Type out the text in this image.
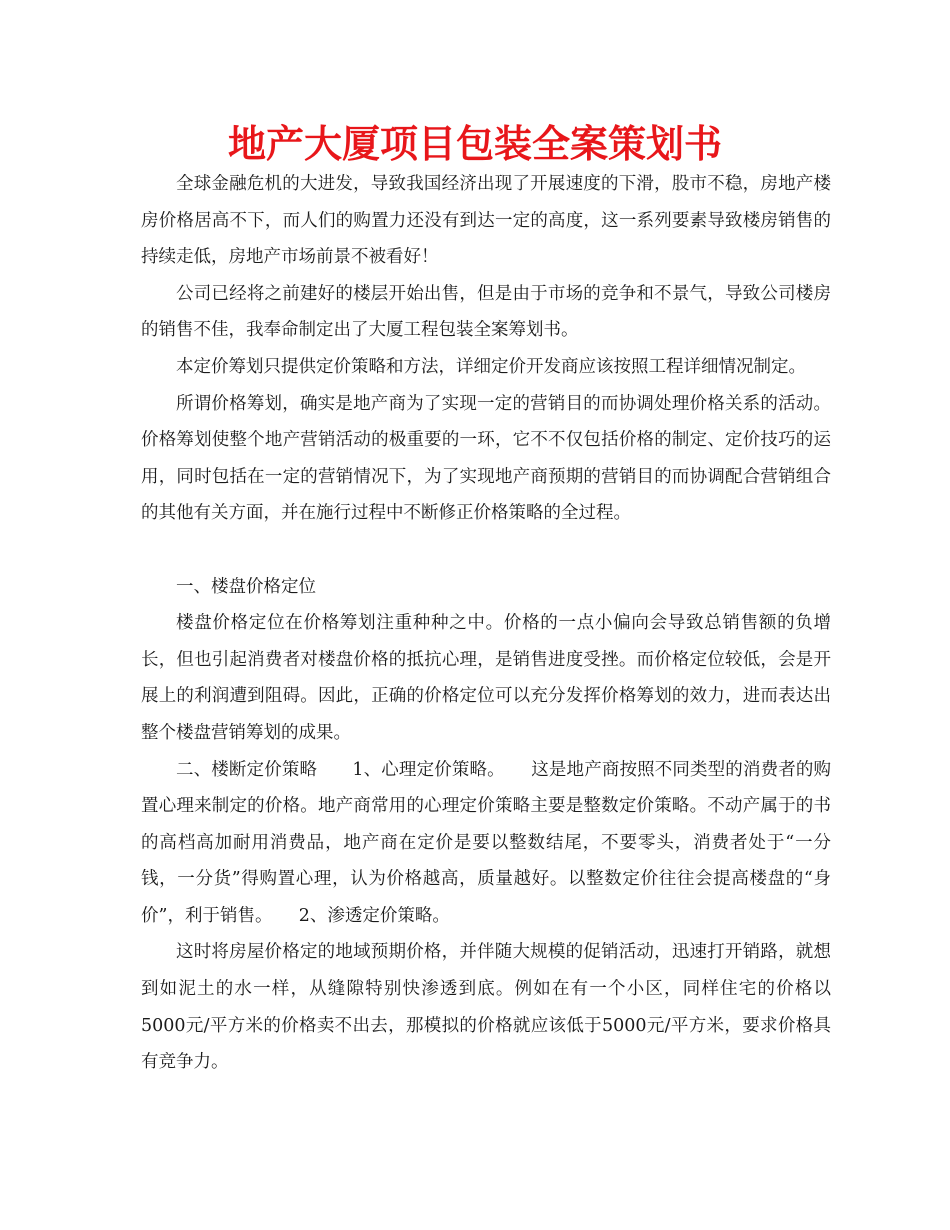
地产大厦项目包装全案策划书

全球金融危机的大进发，导致我国经济出现了开展速度的下滑，股市不稳，房地产楼房价格居高不下，而人们的购置力还没有到达一定的高度，这一系列要素导致楼房销售的持续走低，房地产市场前景不被看好！

公司已经将之前建好的楼层开始出售，但是由于市场的竞争和不景气，导致公司楼房的销售不佳，我奉命制定出了大厦工程包装全案筹划书。

本定价筹划只提供定价策略和方法，详细定价开发商应该按照工程详细情况制定。

所谓价格筹划，确实是地产商为了实现一定的营销目的而协调处理价格关系的活动。价格筹划使整个地产营销活动的极重要的一环，它不不仅包括价格的制定、定价技巧的运用，同时包括在一定的营销情况下，为了实现地产商预期的营销目的而协调配合营销组合的其他有关方面，并在施行过程中不断修正价格策略的全过程。

一、楼盘价格定位

楼盘价格定位在价格筹划注重种种之中。价格的一点小偏向会导致总销售额的负增长，但也引起消费者对楼盘价格的抵抗心理，是销售进度受挫。而价格定位较低，会是开展上的利润遭到阻碍。因此，正确的价格定位可以充分发挥价格筹划的效力，进而表达出整个楼盘营销筹划的成果。

二、楼断定价策略　　1、心理定价策略。　　这是地产商按照不同类型的消费者的购置心理来制定的价格。地产商常用的心理定价策略主要是整数定价策略。不动产属于的书的高档高加耐用消费品，地产商在定价是要以整数结尾，不要零头，消费者处于“一分钱，一分货”得购置心理，认为价格越高，质量越好。以整数定价往往会提高楼盘的“身价”，利于销售。　　2、渗透定价策略。

这时将房屋价格定的地域预期价格，并伴随大规模的促销活动，迅速打开销路，就想到如泥土的水一样，从缝隙特别快渗透到底。例如在有一个小区，同样住宅的价格以5000元/平方米的价格卖不出去，那模拟的价格就应该低于5000元/平方米，要求价格具有竞争力。
